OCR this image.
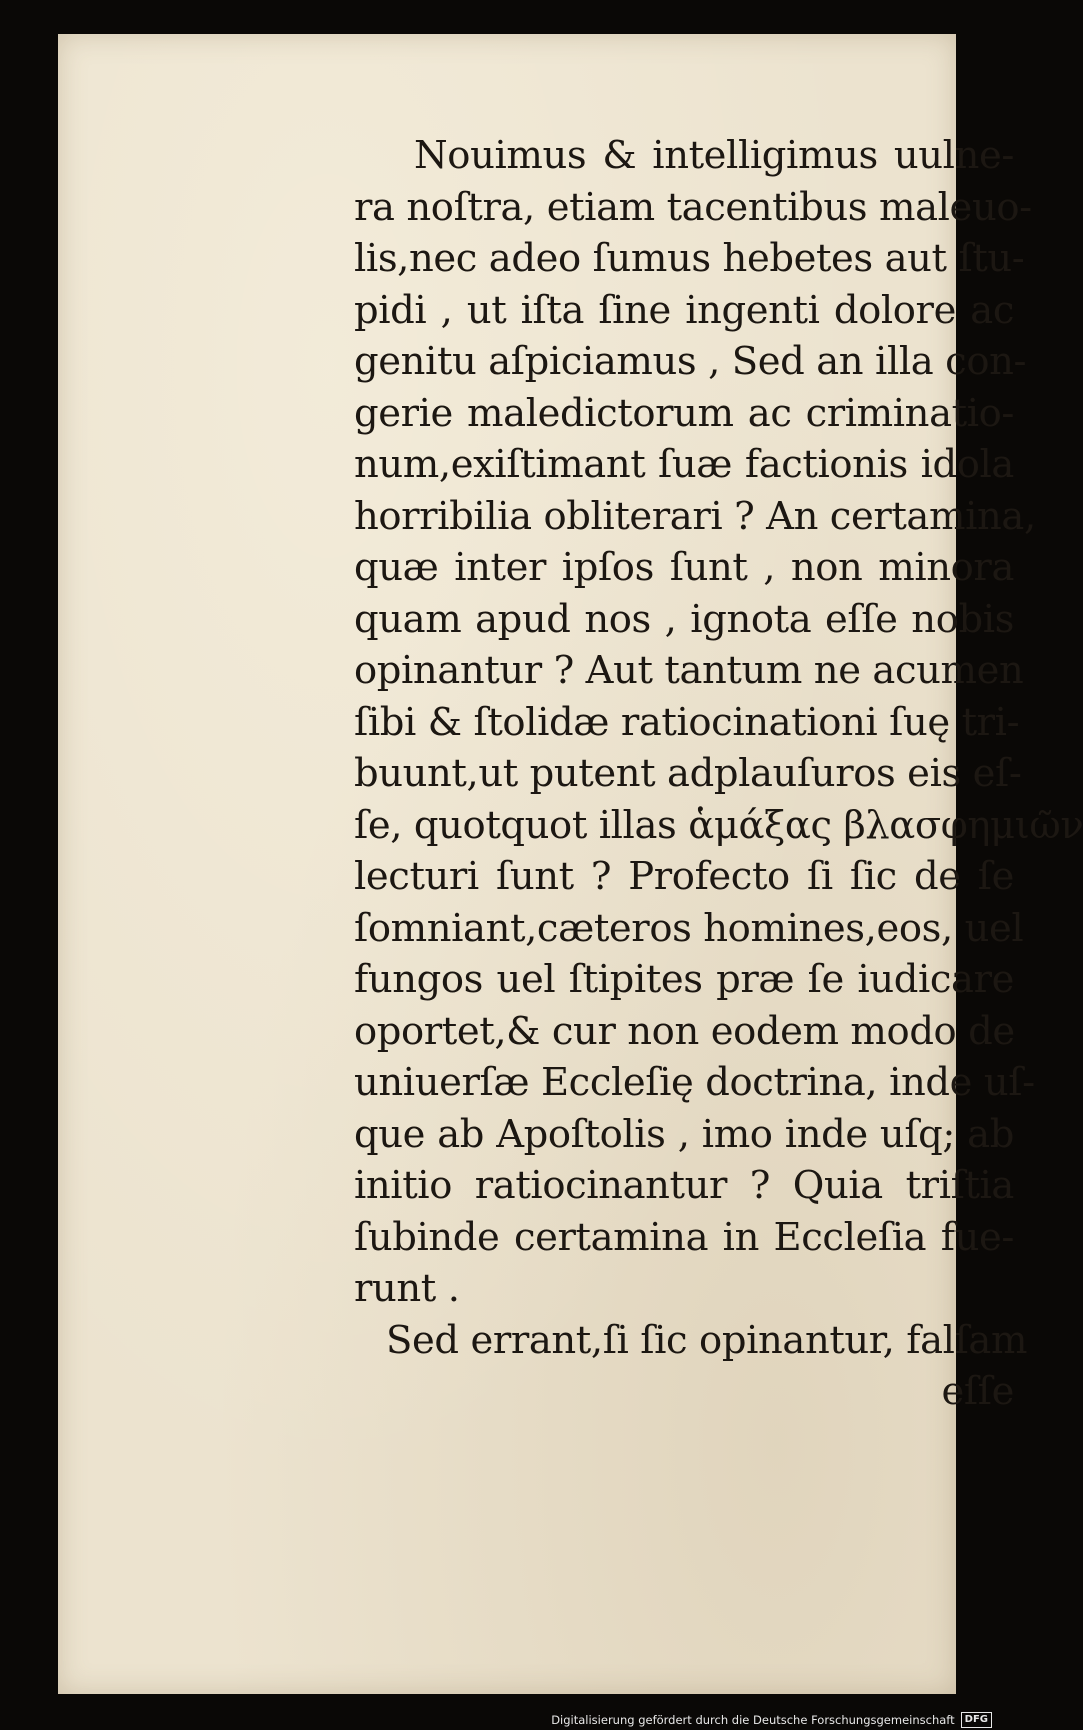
Nouimus & intelligimus uulne-
ra noſtra, etiam tacentibus maleuo-
lis,nec adeo ſumus hebetes aut ſtu-
pidi , ut iſta ſine ingenti dolore ac
genitu aſpiciamus , Sed an illa con-
gerie maledictorum ac criminatio-
num,exiſtimant ſuæ factionis idola
horribilia obliterari ? An certamina,
quæ inter ipſos ſunt , non minora
quam apud nos , ignota eſſe nobis
opinantur ? Aut tantum ne acumen
ſibi & ſtolidæ ratiocinationi ſuę tri-
buunt,ut putent adplauſuros eis eſ-
ſe, quotquot illas ἁμάξας βλασφημιῶν
lecturi ſunt ? Profecto ſi ſic de ſe
ſomniant,cæteros homines,eos, uel
fungos uel ſtipites præ ſe iudicare
oportet,& cur non eodem modo de
uniuerſæ Eccleſię doctrina, inde uſ-
que ab Apoſtolis , imo inde uſq; ab
initio ratiocinantur ? Quia triſtia
ſubinde certamina in Eccleſia fue-
runt .
Sed errant,ſi ſic opinantur, falſam
eſſe
Digitalisierung gefördert durch die Deutsche Forschungsgemeinschaft	DFG
